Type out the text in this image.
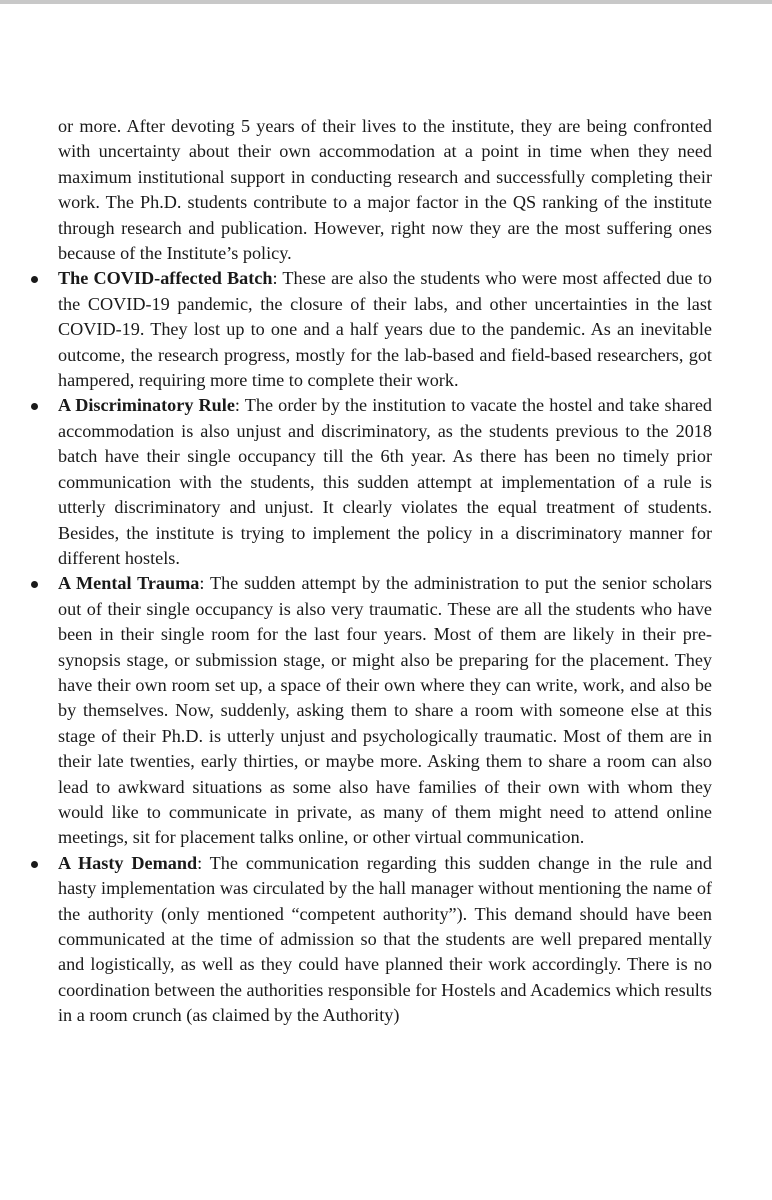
or more. After devoting 5 years of their lives to the institute, they are being confronted with uncertainty about their own accommodation at a point in time when they need maximum institutional support in conducting research and successfully completing their work. The Ph.D. students contribute to a major factor in the QS ranking of the institute through research and publication. However, right now they are the most suffering ones because of the Institute’s policy.

The COVID-affected Batch: These are also the students who were most affected due to the COVID-19 pandemic, the closure of their labs, and other uncertainties in the last COVID-19. They lost up to one and a half years due to the pandemic. As an inevitable outcome, the research progress, mostly for the lab-based and field-based researchers, got hampered, requiring more time to complete their work.
A Discriminatory Rule: The order by the institution to vacate the hostel and take shared accommodation is also unjust and discriminatory, as the students previous to the 2018 batch have their single occupancy till the 6th year. As there has been no timely prior communication with the students, this sudden attempt at implementation of a rule is utterly discriminatory and unjust. It clearly violates the equal treatment of students. Besides, the institute is trying to implement the policy in a discriminatory manner for different hostels.
A Mental Trauma: The sudden attempt by the administration to put the senior scholars out of their single occupancy is also very traumatic. These are all the students who have been in their single room for the last four years. Most of them are likely in their pre-synopsis stage, or submission stage, or might also be preparing for the placement. They have their own room set up, a space of their own where they can write, work, and also be by themselves. Now, suddenly, asking them to share a room with someone else at this stage of their Ph.D. is utterly unjust and psychologically traumatic. Most of them are in their late twenties, early thirties, or maybe more. Asking them to share a room can also lead to awkward situations as some also have families of their own with whom they would like to communicate in private, as many of them might need to attend online meetings, sit for placement talks online, or other virtual communication.
A Hasty Demand: The communication regarding this sudden change in the rule and hasty implementation was circulated by the hall manager without mentioning the name of the authority (only mentioned “competent authority”). This demand should have been communicated at the time of admission so that the students are well prepared mentally and logistically, as well as they could have planned their work accordingly. There is no coordination between the authorities responsible for Hostels and Academics which results in a room crunch (as claimed by the Authority)
